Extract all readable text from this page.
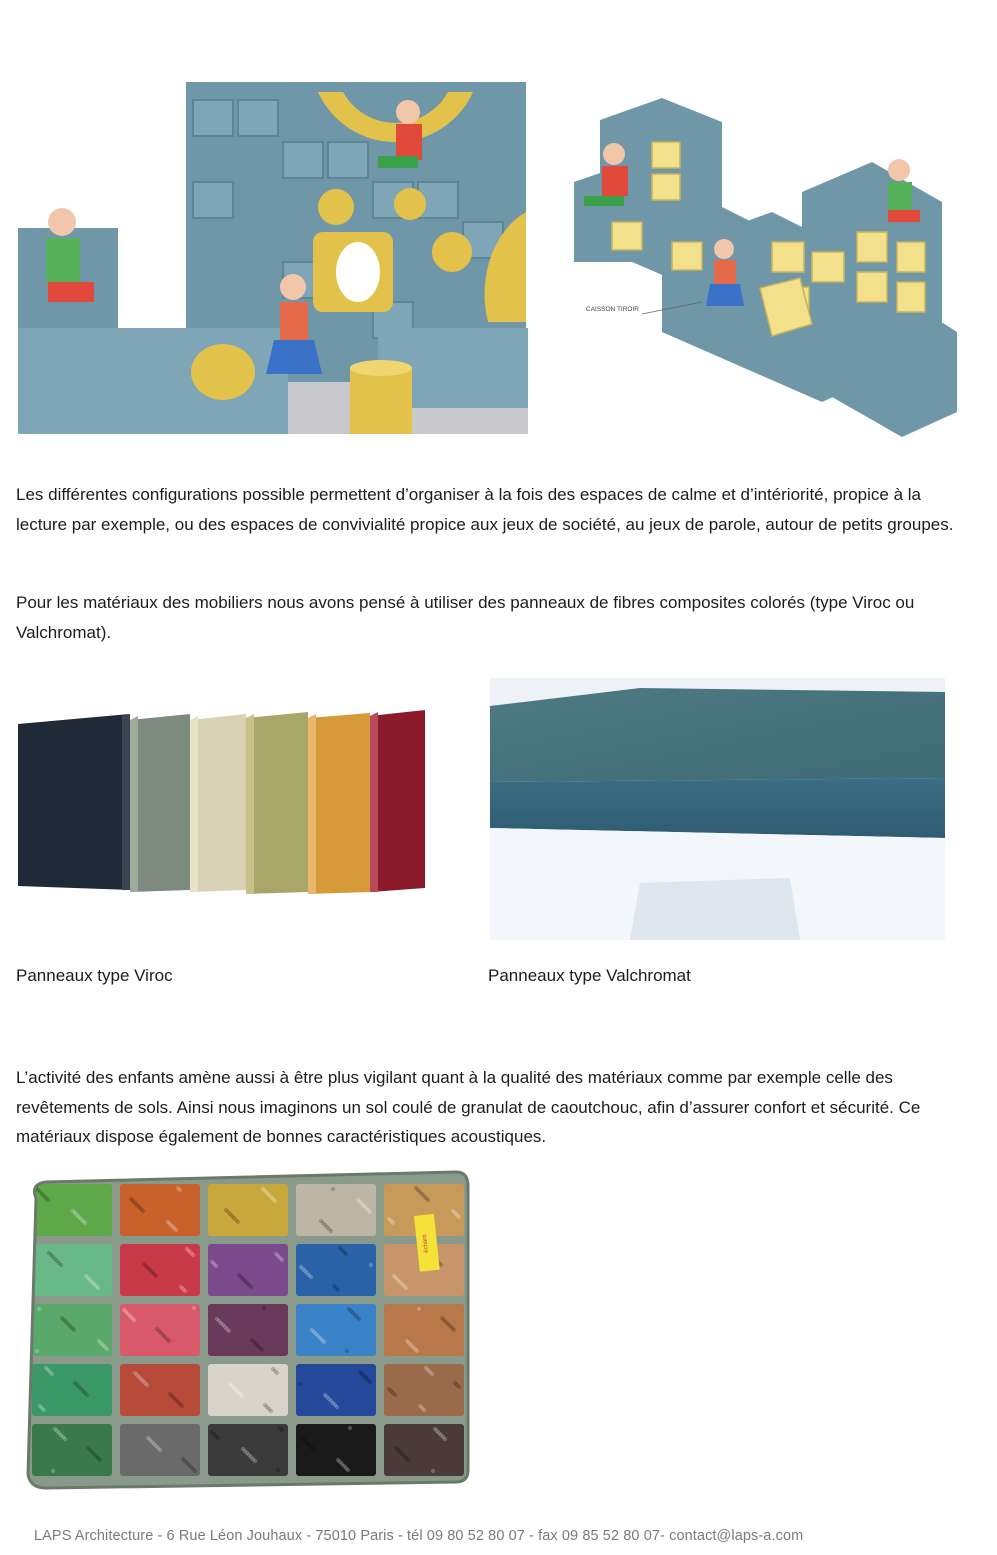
CAISSON TIROIR
Les différentes configurations possible permettent d’organiser à la fois des espaces de calme et d’intériorité, propice à la lecture par exemple, ou des espaces de convivialité propice aux jeux de société, au jeux de parole, autour de petits groupes.
Pour les matériaux des mobiliers nous avons pensé à utiliser des panneaux de fibres composites colorés (type Viroc ou Valchromat).
Panneaux type Viroc	Panneaux type Valchromat
L’activité des enfants amène aussi à être plus vigilant quant à la qualité des matériaux comme par exemple celle des revêtements de sols. Ainsi nous imaginons un sol coulé de granulat de caoutchouc, afin d’assurer confort et sécurité. Ce matériaux dispose également de bonnes caractéristiques acoustiques.
échant.
LAPS Architecture - 6 Rue Léon Jouhaux - 75010 Paris - tél 09 80 52 80 07 - fax 09 85 52 80 07- contact@laps-a.com
